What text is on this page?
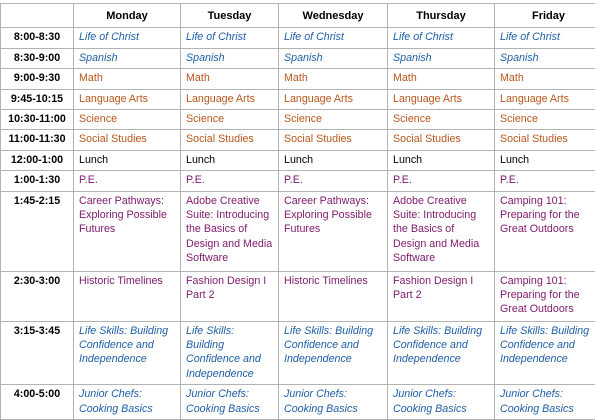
	Monday	Tuesday	Wednesday	Thursday	Friday
8:00-8:30	Life of Christ	Life of Christ	Life of Christ	Life of Christ	Life of Christ
8:30-9:00	Spanish	Spanish	Spanish	Spanish	Spanish
9:00-9:30	Math	Math	Math	Math	Math
9:45-10:15	Language Arts	Language Arts	Language Arts	Language Arts	Language Arts
10:30-11:00	Science	Science	Science	Science	Science
11:00-11:30	Social Studies	Social Studies	Social Studies	Social Studies	Social Studies
12:00-1:00	Lunch	Lunch	Lunch	Lunch	Lunch
1:00-1:30	P.E.	P.E.	P.E.	P.E.	P.E.
1:45-2:15	Career Pathways: Exploring Possible Futures	Adobe Creative Suite: Introducing the Basics of Design and Media Software	Career Pathways: Exploring Possible Futures	Adobe Creative Suite: Introducing the Basics of Design and Media Software	Camping 101: Preparing for the Great Outdoors
2:30-3:00	Historic Timelines	Fashion Design I Part 2	Historic Timelines	Fashion Design I Part 2	Camping 101: Preparing for the Great Outdoors
3:15-3:45	Life Skills: Building Confidence and Independence	Life Skills: Building Confidence and Independence	Life Skills: Building Confidence and Independence	Life Skills: Building Confidence and Independence	Life Skills: Building Confidence and Independence
4:00-5:00	Junior Chefs: Cooking Basics	Junior Chefs: Cooking Basics	Junior Chefs: Cooking Basics	Junior Chefs: Cooking Basics	Junior Chefs: Cooking Basics
